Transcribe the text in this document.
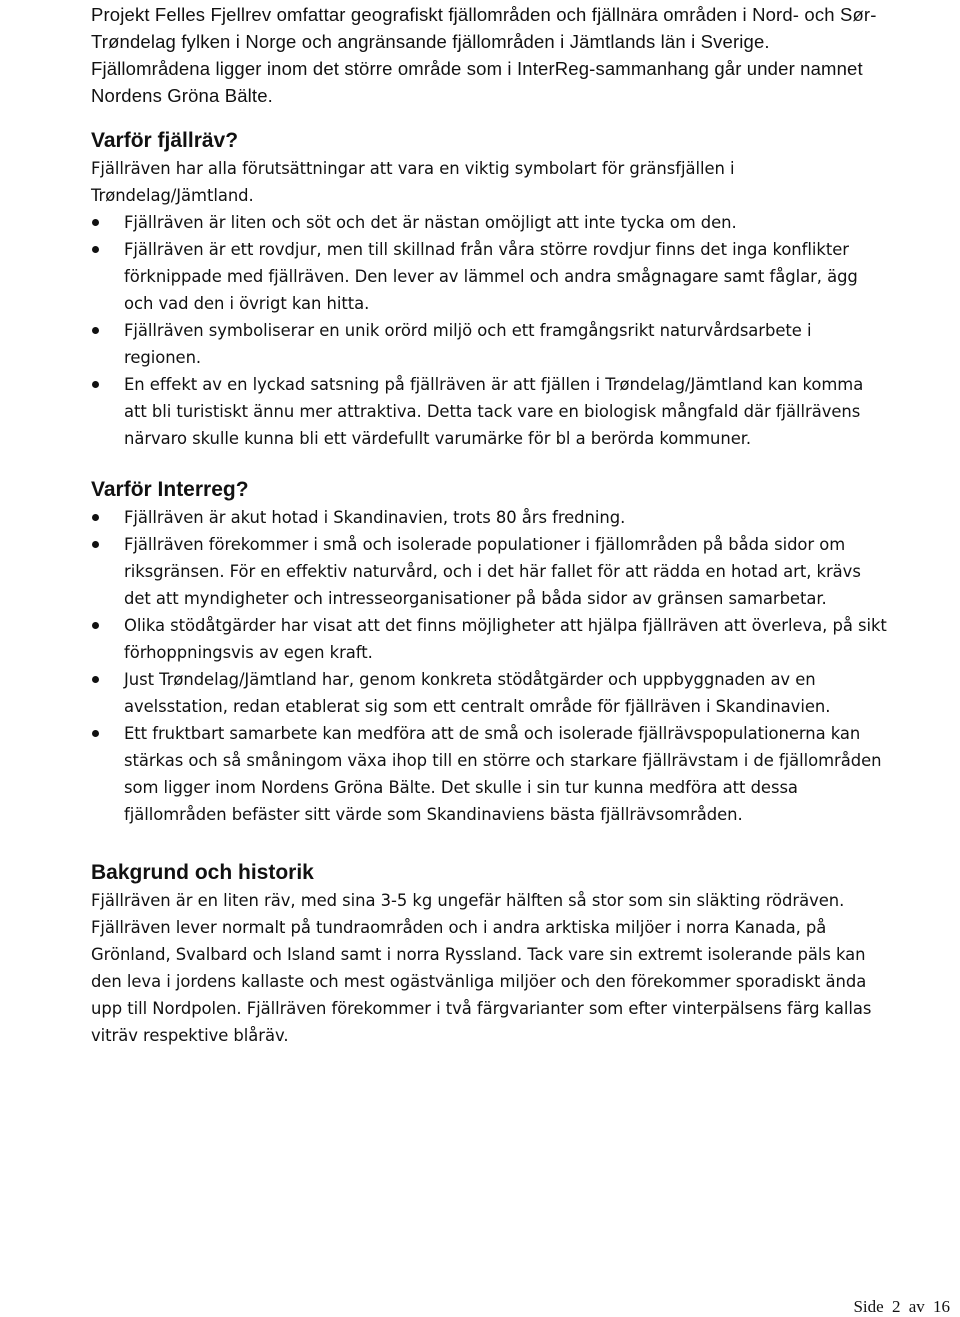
Projekt Felles Fjellrev omfattar geografiskt fjällområden och fjällnära områden i Nord- och Sør- Trøndelag fylken i Norge och angränsande fjällområden i Jämtlands län i Sverige. Fjällområdena ligger inom det större område som i InterReg-sammanhang går under namnet Nordens Gröna Bälte.

Varför fjällräv?

Fjällräven har alla förutsättningar att vara en viktig symbolart för gränsfjällen i Trøndelag/Jämtland.

Fjällräven är liten och söt och det är nästan omöjligt att inte tycka om den.
Fjällräven är ett rovdjur, men till skillnad från våra större rovdjur finns det inga konflikter förknippade med fjällräven. Den lever av lämmel och andra smågnagare samt fåglar, ägg och vad den i övrigt kan hitta.
Fjällräven symboliserar en unik orörd miljö och ett framgångsrikt naturvårdsarbete i regionen.
En effekt av en lyckad satsning på fjällräven är att fjällen i Trøndelag/Jämtland kan komma att bli turistiskt ännu mer attraktiva. Detta tack vare en biologisk mångfald där fjällrävens närvaro skulle kunna bli ett värdefullt varumärke för bl a berörda kommuner.
Varför Interreg?
Fjällräven är akut hotad i Skandinavien, trots 80 års fredning.
Fjällräven förekommer i små och isolerade populationer i fjällområden på båda sidor om riksgränsen. För en effektiv naturvård, och i det här fallet för att rädda en hotad art, krävs det att myndigheter och intresseorganisationer på båda sidor av gränsen samarbetar.
Olika stödåtgärder har visat att det finns möjligheter att hjälpa fjällräven att överleva, på sikt förhoppningsvis av egen kraft.
Just Trøndelag/Jämtland har, genom konkreta stödåtgärder och uppbyggnaden av en avelsstation, redan etablerat sig som ett centralt område för fjällräven i Skandinavien.
Ett fruktbart samarbete kan medföra att de små och isolerade fjällrävspopulationerna kan stärkas och så småningom växa ihop till en större och starkare fjällrävstam i de fjällområden som ligger inom Nordens Gröna Bälte. Det skulle i sin tur kunna medföra att dessa fjällområden befäster sitt värde som Skandinaviens bästa fjällrävsområden.
Bakgrund och historik

Fjällräven är en liten räv, med sina 3-5 kg ungefär hälften så stor som sin släkting rödräven. Fjällräven lever normalt på tundraområden och i andra arktiska miljöer i norra Kanada, på Grönland, Svalbard och Island samt i norra Ryssland. Tack vare sin extremt isolerande päls kan den leva i jordens kallaste och mest ogästvänliga miljöer och den förekommer sporadiskt ända upp till Nordpolen. Fjällräven förekommer i två färgvarianter som efter vinterpälsens färg kallas viträv respektive blåräv.

Side 2 av 16
